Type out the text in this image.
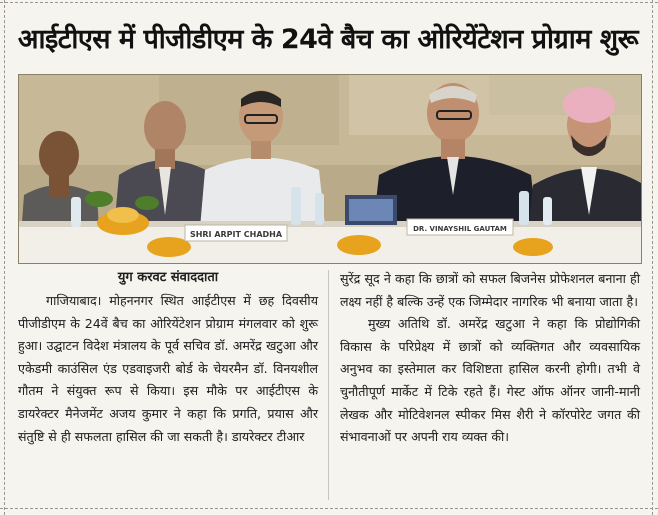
आईटीएस में पीजीडीएम के 24वे बैच का ओरियेंटेशन प्रोग्राम शुरू
SHRI ARPIT CHADHA
DR. VINAYSHIL GAUTAM
युग करवट संवाददाता
गाजियाबाद। मोहननगर स्थित आईटीएस में छह दिवसीय पीजीडीएम के 24वें बैच का ओरियेंटेशन प्रोग्राम मंगलवार को शुरू हुआ। उद्घाटन विदेश मंत्रालय के पूर्व सचिव डॉ. अमरेंद्र खटुआ और एकेडमी काउंसिल एंड एडवाइजरी बोर्ड के चेयरमैन डॉ. विनयशील गौतम ने संयुक्त रूप से किया। इस मौके पर आईटीएस के डायरेक्टर मैनेजमेंट अजय कुमार ने कहा कि प्रगति, प्रयास और संतुष्टि से ही सफलता हासिल की जा सकती है। डायरेक्टर टीआर
सुरेंद्र सूद ने कहा कि छात्रों को सफल बिजनेस प्रोफेशनल बनाना ही लक्ष्य नहीं है बल्कि उन्हें एक जिम्मेदार नागरिक भी बनाया जाता है।
मुख्य अतिथि डॉ. अमरेंद्र खटुआ ने कहा कि प्रोद्योगिकी विकास के परिप्रेक्ष्य में छात्रों को व्यक्तिगत और व्यवसायिक अनुभव का इस्तेमाल कर विशिष्टता हासिल करनी होगी। तभी वे चुनौतीपूर्ण मार्केट में टिके रहते हैं। गेस्ट ऑफ ऑनर जानी-मानी लेखक और मोटिवेशनल स्पीकर मिस शैरी ने कॉरपोरेट जगत की संभावनाओं पर अपनी राय व्यक्त की।
